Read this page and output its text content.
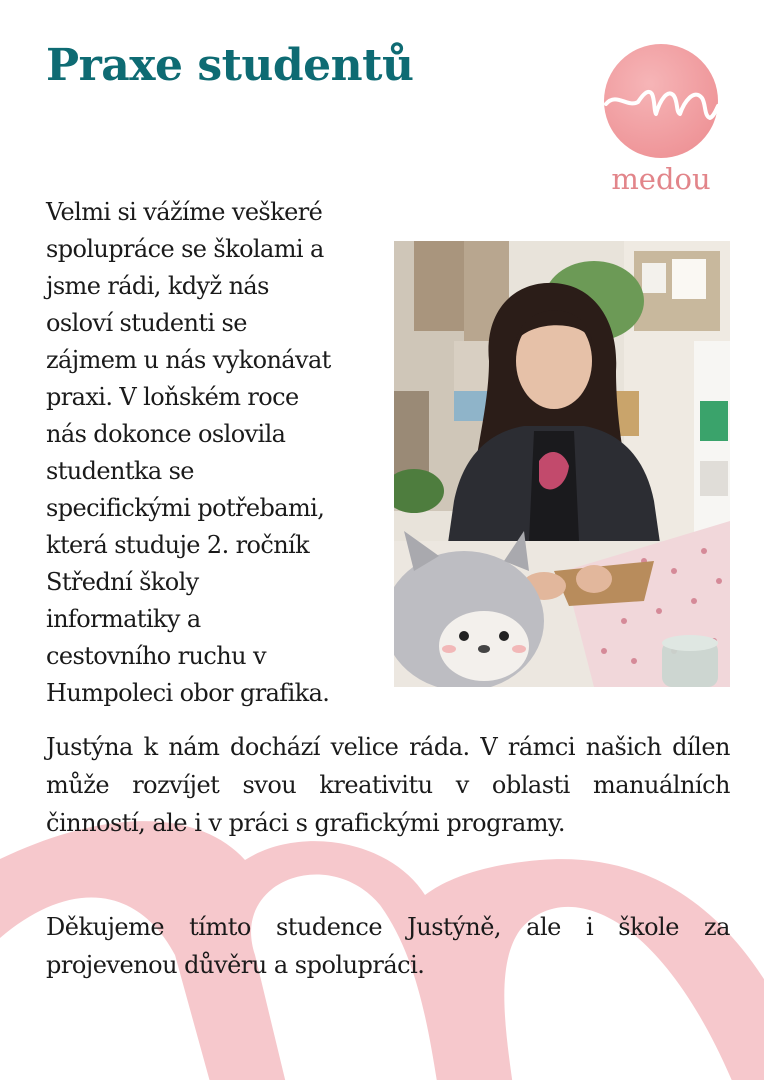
Praxe studentů
medou
Velmi si vážíme veškeré
spolupráce se školami a
jsme rádi, když nás
osloví studenti se
zájmem u nás vykonávat
praxi. V loňském roce
nás dokonce oslovila
studentka se
specifickými potřebami,
která studuje 2. ročník
Střední školy
informatiky a
cestovního ruchu v
Humpoleci obor grafika.

Justýna k nám dochází velice ráda. V rámci našich dílen může rozvíjet svou kreativitu v oblasti manuálních činností, ale i v práci s grafickými programy.

Děkujeme tímto studence Justýně, ale i škole za projevenou důvěru a spolupráci.
